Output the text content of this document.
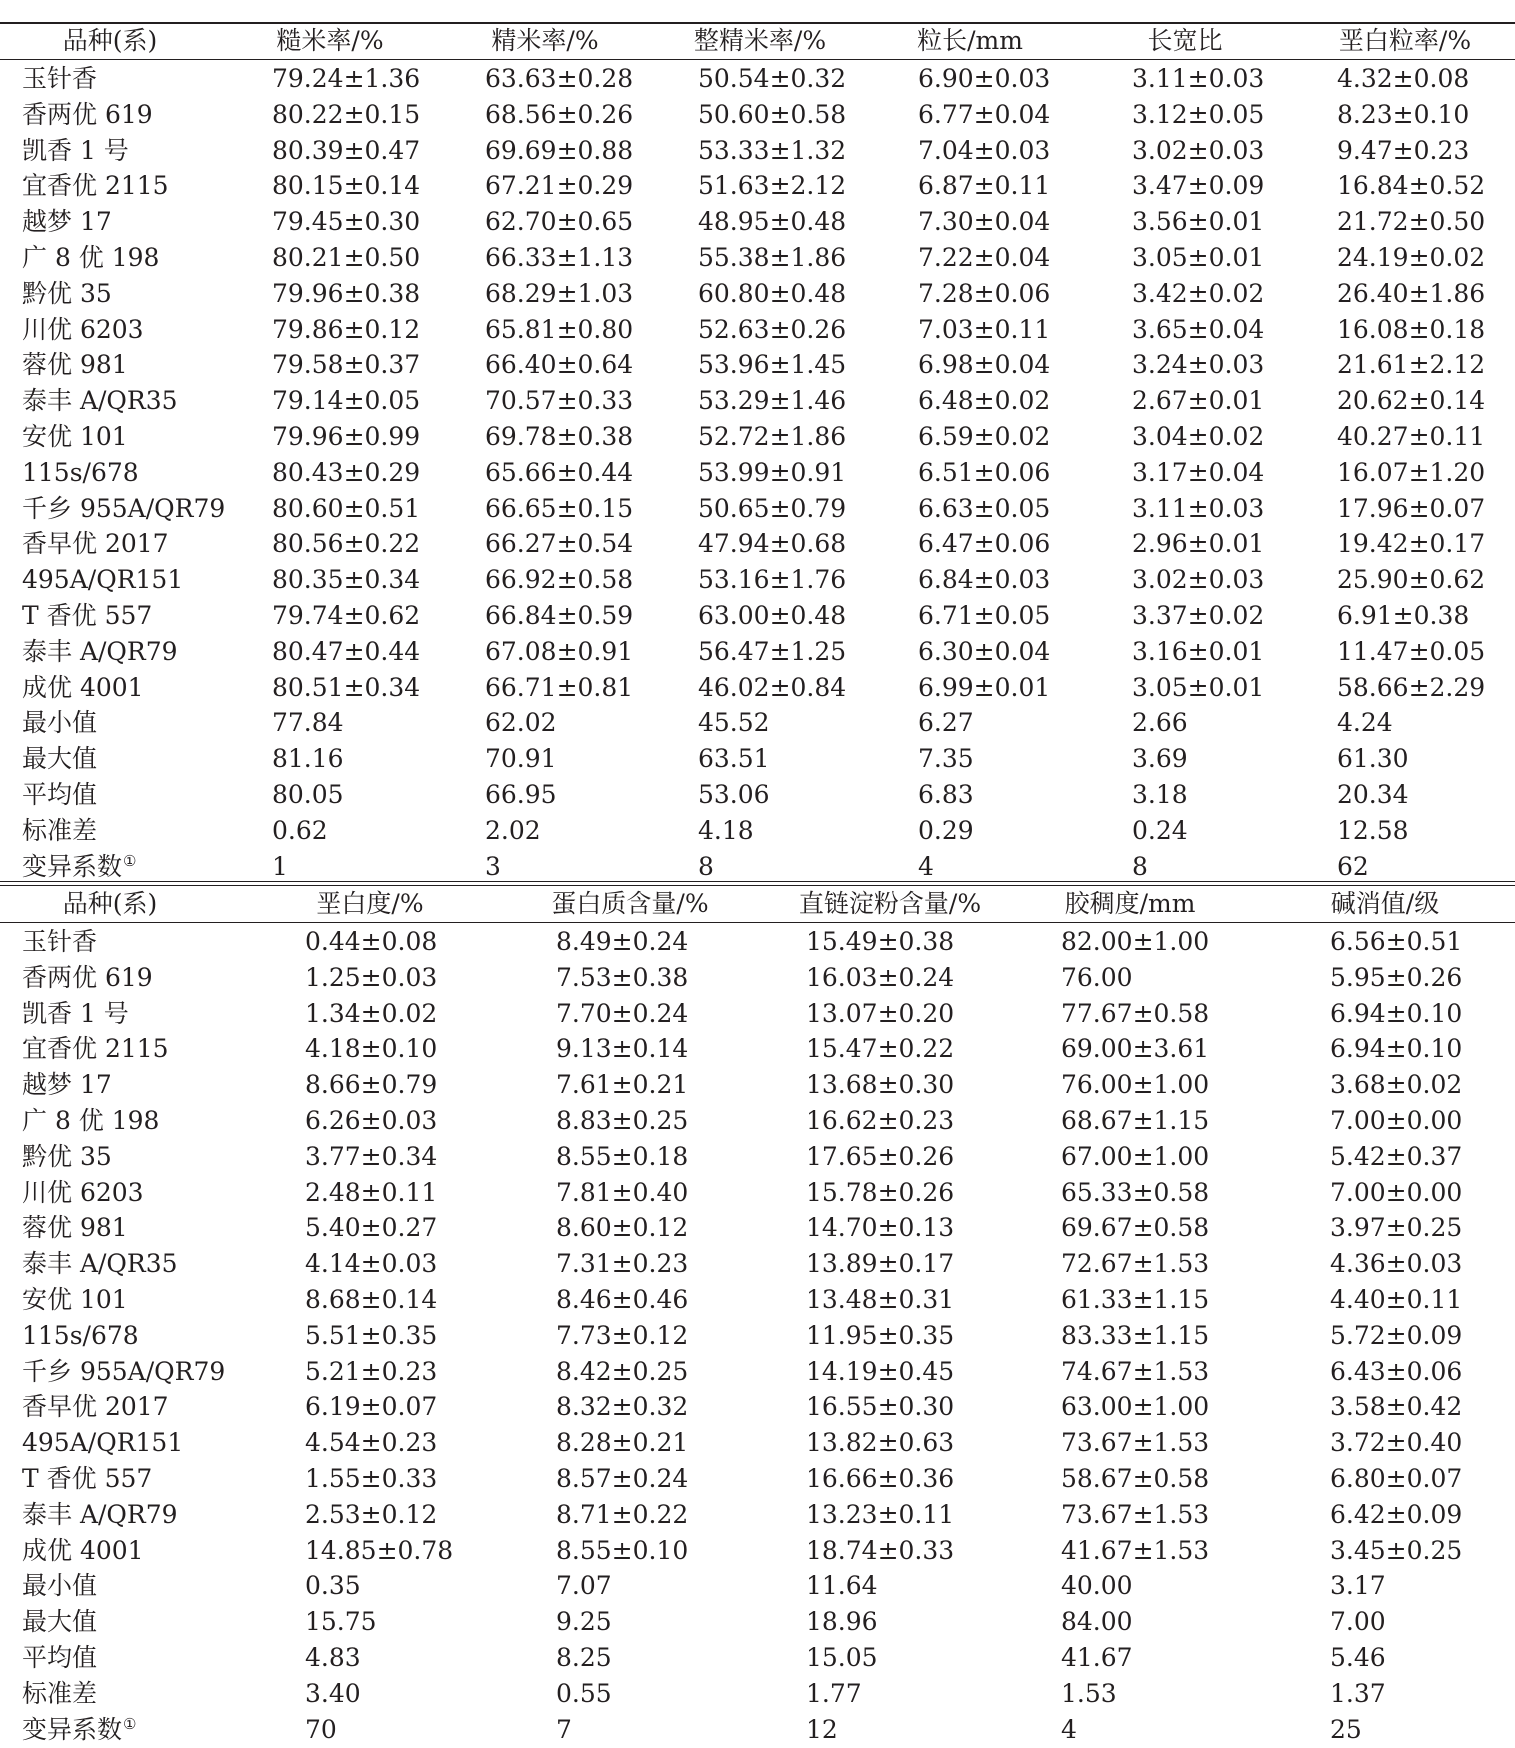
品种(系)	糙米率/%	精米率/%	整精米率/%	粒长/mm	长宽比	垩白粒率/%
玉针香	79.24±1.36	63.63±0.28	50.54±0.32	6.90±0.03	3.11±0.03	4.32±0.08
香两优 619	80.22±0.15	68.56±0.26	50.60±0.58	6.77±0.04	3.12±0.05	8.23±0.10
凯香 1 号	80.39±0.47	69.69±0.88	53.33±1.32	7.04±0.03	3.02±0.03	9.47±0.23
宜香优 2115	80.15±0.14	67.21±0.29	51.63±2.12	6.87±0.11	3.47±0.09	16.84±0.52
越梦 17	79.45±0.30	62.70±0.65	48.95±0.48	7.30±0.04	3.56±0.01	21.72±0.50
广 8 优 198	80.21±0.50	66.33±1.13	55.38±1.86	7.22±0.04	3.05±0.01	24.19±0.02
黔优 35	79.96±0.38	68.29±1.03	60.80±0.48	7.28±0.06	3.42±0.02	26.40±1.86
川优 6203	79.86±0.12	65.81±0.80	52.63±0.26	7.03±0.11	3.65±0.04	16.08±0.18
蓉优 981	79.58±0.37	66.40±0.64	53.96±1.45	6.98±0.04	3.24±0.03	21.61±2.12
泰丰 A/QR35	79.14±0.05	70.57±0.33	53.29±1.46	6.48±0.02	2.67±0.01	20.62±0.14
安优 101	79.96±0.99	69.78±0.38	52.72±1.86	6.59±0.02	3.04±0.02	40.27±0.11
115s/678	80.43±0.29	65.66±0.44	53.99±0.91	6.51±0.06	3.17±0.04	16.07±1.20
千乡 955A/QR79 80.60±0.51	66.65±0.15	50.65±0.79	6.63±0.05	3.11±0.03	17.96±0.07
香早优 2017	80.56±0.22	66.27±0.54	47.94±0.68	6.47±0.06	2.96±0.01	19.42±0.17
495A/QR151	80.35±0.34	66.92±0.58	53.16±1.76	6.84±0.03	3.02±0.03	25.90±0.62
T 香优 557	79.74±0.62	66.84±0.59	63.00±0.48	6.71±0.05	3.37±0.02	6.91±0.38
泰丰 A/QR79	80.47±0.44	67.08±0.91	56.47±1.25	6.30±0.04	3.16±0.01	11.47±0.05
成优 4001	80.51±0.34	66.71±0.81	46.02±0.84	6.99±0.01	3.05±0.01	58.66±2.29
最小值	77.84	62.02	45.52	6.27	2.66	4.24
最大值	81.16	70.91	63.51	7.35	3.69	61.30
平均值	80.05	66.95	53.06	6.83	3.18	20.34
标准差	0.62	2.02	4.18	0.29	0.24	12.58
变异系数 ①	1	3	8	4	8	62
品种(系)	垩白度/%	蛋白质含量/%	直链淀粉含量/%	胶稠度/mm	碱消值/级
玉针香	0.44±0.08	8.49±0.24	15.49±0.38	82.00±1.00	6.56±0.51
香两优 619	1.25±0.03	7.53±0.38	16.03±0.24	76.00	5.95±0.26
凯香 1 号	1.34±0.02	7.70±0.24	13.07±0.20	77.67±0.58	6.94±0.10
宜香优 2115	4.18±0.10	9.13±0.14	15.47±0.22	69.00±3.61	6.94±0.10
越梦 17	8.66±0.79	7.61±0.21	13.68±0.30	76.00±1.00	3.68±0.02
广 8 优 198	6.26±0.03	8.83±0.25	16.62±0.23	68.67±1.15	7.00±0.00
黔优 35	3.77±0.34	8.55±0.18	17.65±0.26	67.00±1.00	5.42±0.37
川优 6203	2.48±0.11	7.81±0.40	15.78±0.26	65.33±0.58	7.00±0.00
蓉优 981	5.40±0.27	8.60±0.12	14.70±0.13	69.67±0.58	3.97±0.25
泰丰 A/QR35	4.14±0.03	7.31±0.23	13.89±0.17	72.67±1.53	4.36±0.03
安优 101	8.68±0.14	8.46±0.46	13.48±0.31	61.33±1.15	4.40±0.11
115s/678	5.51±0.35	7.73±0.12	11.95±0.35	83.33±1.15	5.72±0.09
千乡 955A/QR79	5.21±0.23	8.42±0.25	14.19±0.45	74.67±1.53	6.43±0.06
香早优 2017	6.19±0.07	8.32±0.32	16.55±0.30	63.00±1.00	3.58±0.42
495A/QR151	4.54±0.23	8.28±0.21	13.82±0.63	73.67±1.53	3.72±0.40
T 香优 557	1.55±0.33	8.57±0.24	16.66±0.36	58.67±0.58	6.80±0.07
泰丰 A/QR79	2.53±0.12	8.71±0.22	13.23±0.11	73.67±1.53	6.42±0.09
成优 4001	14.85±0.78	8.55±0.10	18.74±0.33	41.67±1.53	3.45±0.25
最小值	0.35	7.07	11.64	40.00	3.17
最大值	15.75	9.25	18.96	84.00	7.00
平均值	4.83	8.25	15.05	41.67	5.46
标准差	3.40	0.55	1.77	1.53	1.37
变异系数 ①	70	7	12	4	25
